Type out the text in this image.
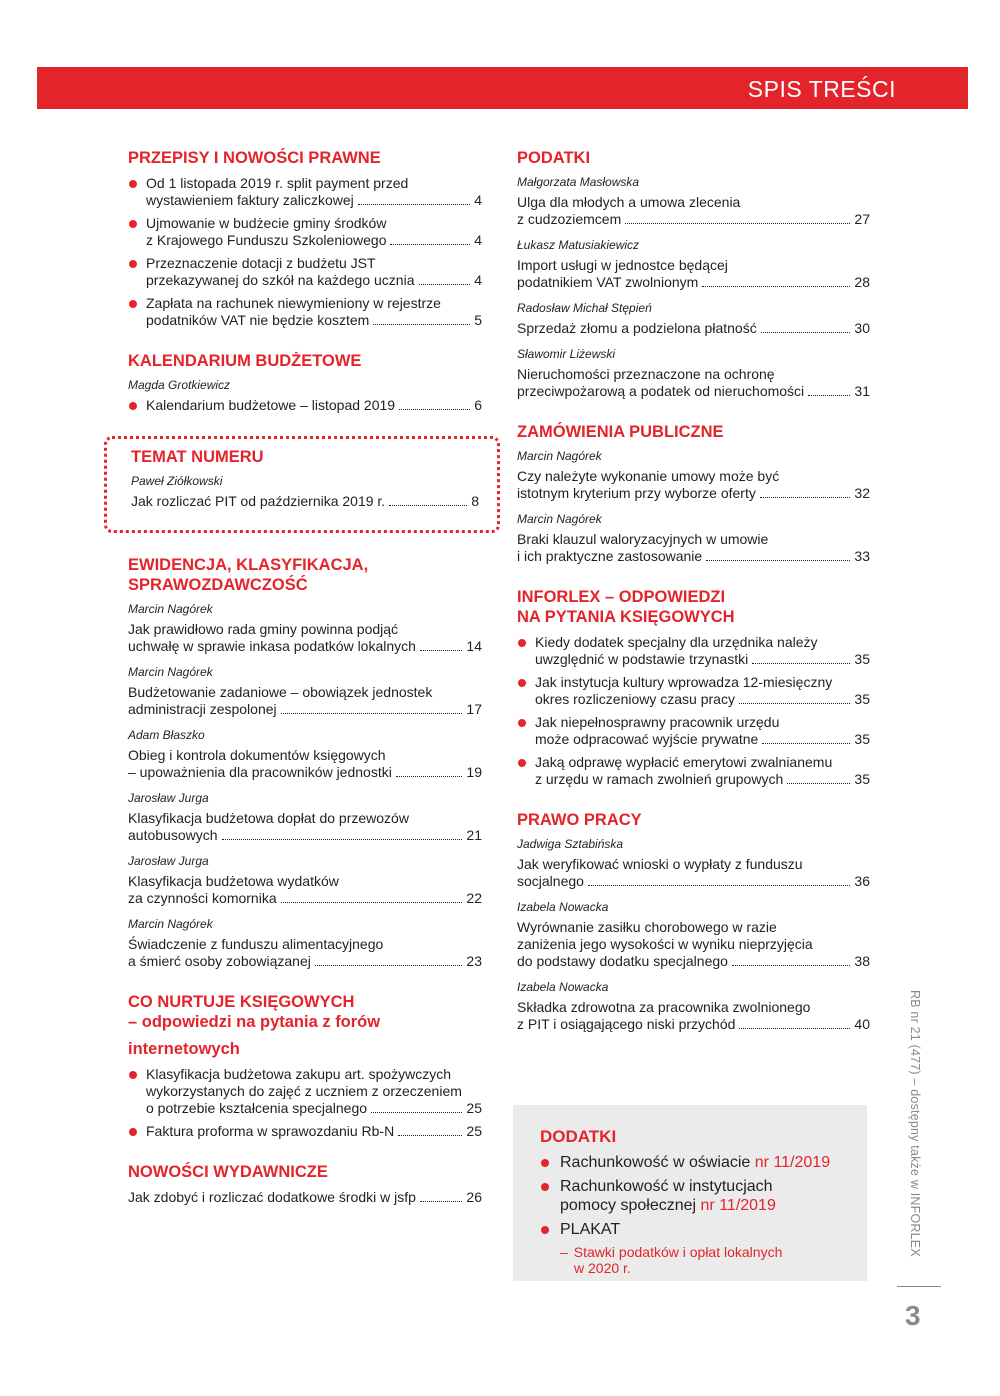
SPIS TREŚCI
PRZEPISY I NOWOŚCI PRAWNE
Od 1 listopada 2019 r. split payment przed
wystawieniem faktury zaliczkowej	4
Ujmowanie w budżecie gminy środków
z Krajowego Funduszu Szkoleniowego	4
Przeznaczenie dotacji z budżetu JST
przekazywanej do szkół na każdego ucznia	4
Zapłata na rachunek niewymieniony w rejestrze
podatników VAT nie będzie kosztem	5
KALENDARIUM BUDŻETOWE
Magda Grotkiewicz
Kalendarium budżetowe – listopad 2019	6
TEMAT NUMERU
Paweł Ziółkowski
Jak rozliczać PIT od października 2019 r.	8
EWIDENCJA, KLASYFIKACJA,
SPRAWOZDAWCZOŚĆ
Marcin Nagórek
Jak prawidłowo rada gminy powinna podjąć
uchwałę w sprawie inkasa podatków lokalnych	14
Marcin Nagórek
Budżetowanie zadaniowe – obowiązek jednostek
administracji zespolonej	17
Adam Błaszko
Obieg i kontrola dokumentów księgowych
– upoważnienia dla pracowników jednostki	19
Jarosław Jurga
Klasyfikacja budżetowa dopłat do przewozów
autobusowych	21
Jarosław Jurga
Klasyfikacja budżetowa wydatków
za czynności komornika	22
Marcin Nagórek
Świadczenie z funduszu alimentacyjnego
a śmierć osoby zobowiązanej	23
CO NURTUJE KSIĘGOWYCH
– odpowiedzi na pytania z forów
internetowych
Klasyfikacja budżetowa zakupu art. spożywczych
wykorzystanych do zajęć z uczniem z orzeczeniem
o potrzebie kształcenia specjalnego	25
Faktura proforma w sprawozdaniu Rb-N	25
NOWOŚCI WYDAWNICZE
Jak zdobyć i rozliczać dodatkowe środki w jsfp	26
PODATKI
Małgorzata Masłowska
Ulga dla młodych a umowa zlecenia
z cudzoziemcem	27
Łukasz Matusiakiewicz
Import usługi w jednostce będącej
podatnikiem VAT zwolnionym	28
Radosław Michał Stępień
Sprzedaż złomu a podzielona płatność	30
Sławomir Liżewski
Nieruchomości przeznaczone na ochronę
przeciwpożarową a podatek od nieruchomości	31
ZAMÓWIENIA PUBLICZNE
Marcin Nagórek
Czy należyte wykonanie umowy może być
istotnym kryterium przy wyborze oferty	32
Marcin Nagórek
Braki klauzul waloryzacyjnych w umowie
i ich praktyczne zastosowanie	33
INFORLEX – ODPOWIEDZI
NA PYTANIA KSIĘGOWYCH
Kiedy dodatek specjalny dla urzędnika należy
uwzględnić w podstawie trzynastki	35
Jak instytucja kultury wprowadza 12-miesięczny
okres rozliczeniowy czasu pracy	35
Jak niepełnosprawny pracownik urzędu
może odpracować wyjście prywatne	35
Jaką odprawę wypłacić emerytowi zwalnianemu
z urzędu w ramach zwolnień grupowych	35
PRAWO PRACY
Jadwiga Sztabińska
Jak weryfikować wnioski o wypłaty z funduszu
socjalnego	36
Izabela Nowacka
Wyrównanie zasiłku chorobowego w razie
zaniżenia jego wysokości w wyniku nieprzyjęcia
do podstawy dodatku specjalnego	38
Izabela Nowacka
Składka zdrowotna za pracownika zwolnionego
z PIT i osiągającego niski przychód	40
DODATKI
Rachunkowość w oświacie nr 11/2019
Rachunkowość w instytucjach
pomocy społecznej nr 11/2019
PLAKAT
– Stawki podatków i opłat lokalnych
w 2020 r.
RB nr 21 (477) – dostępny także w INFORLEX
3
